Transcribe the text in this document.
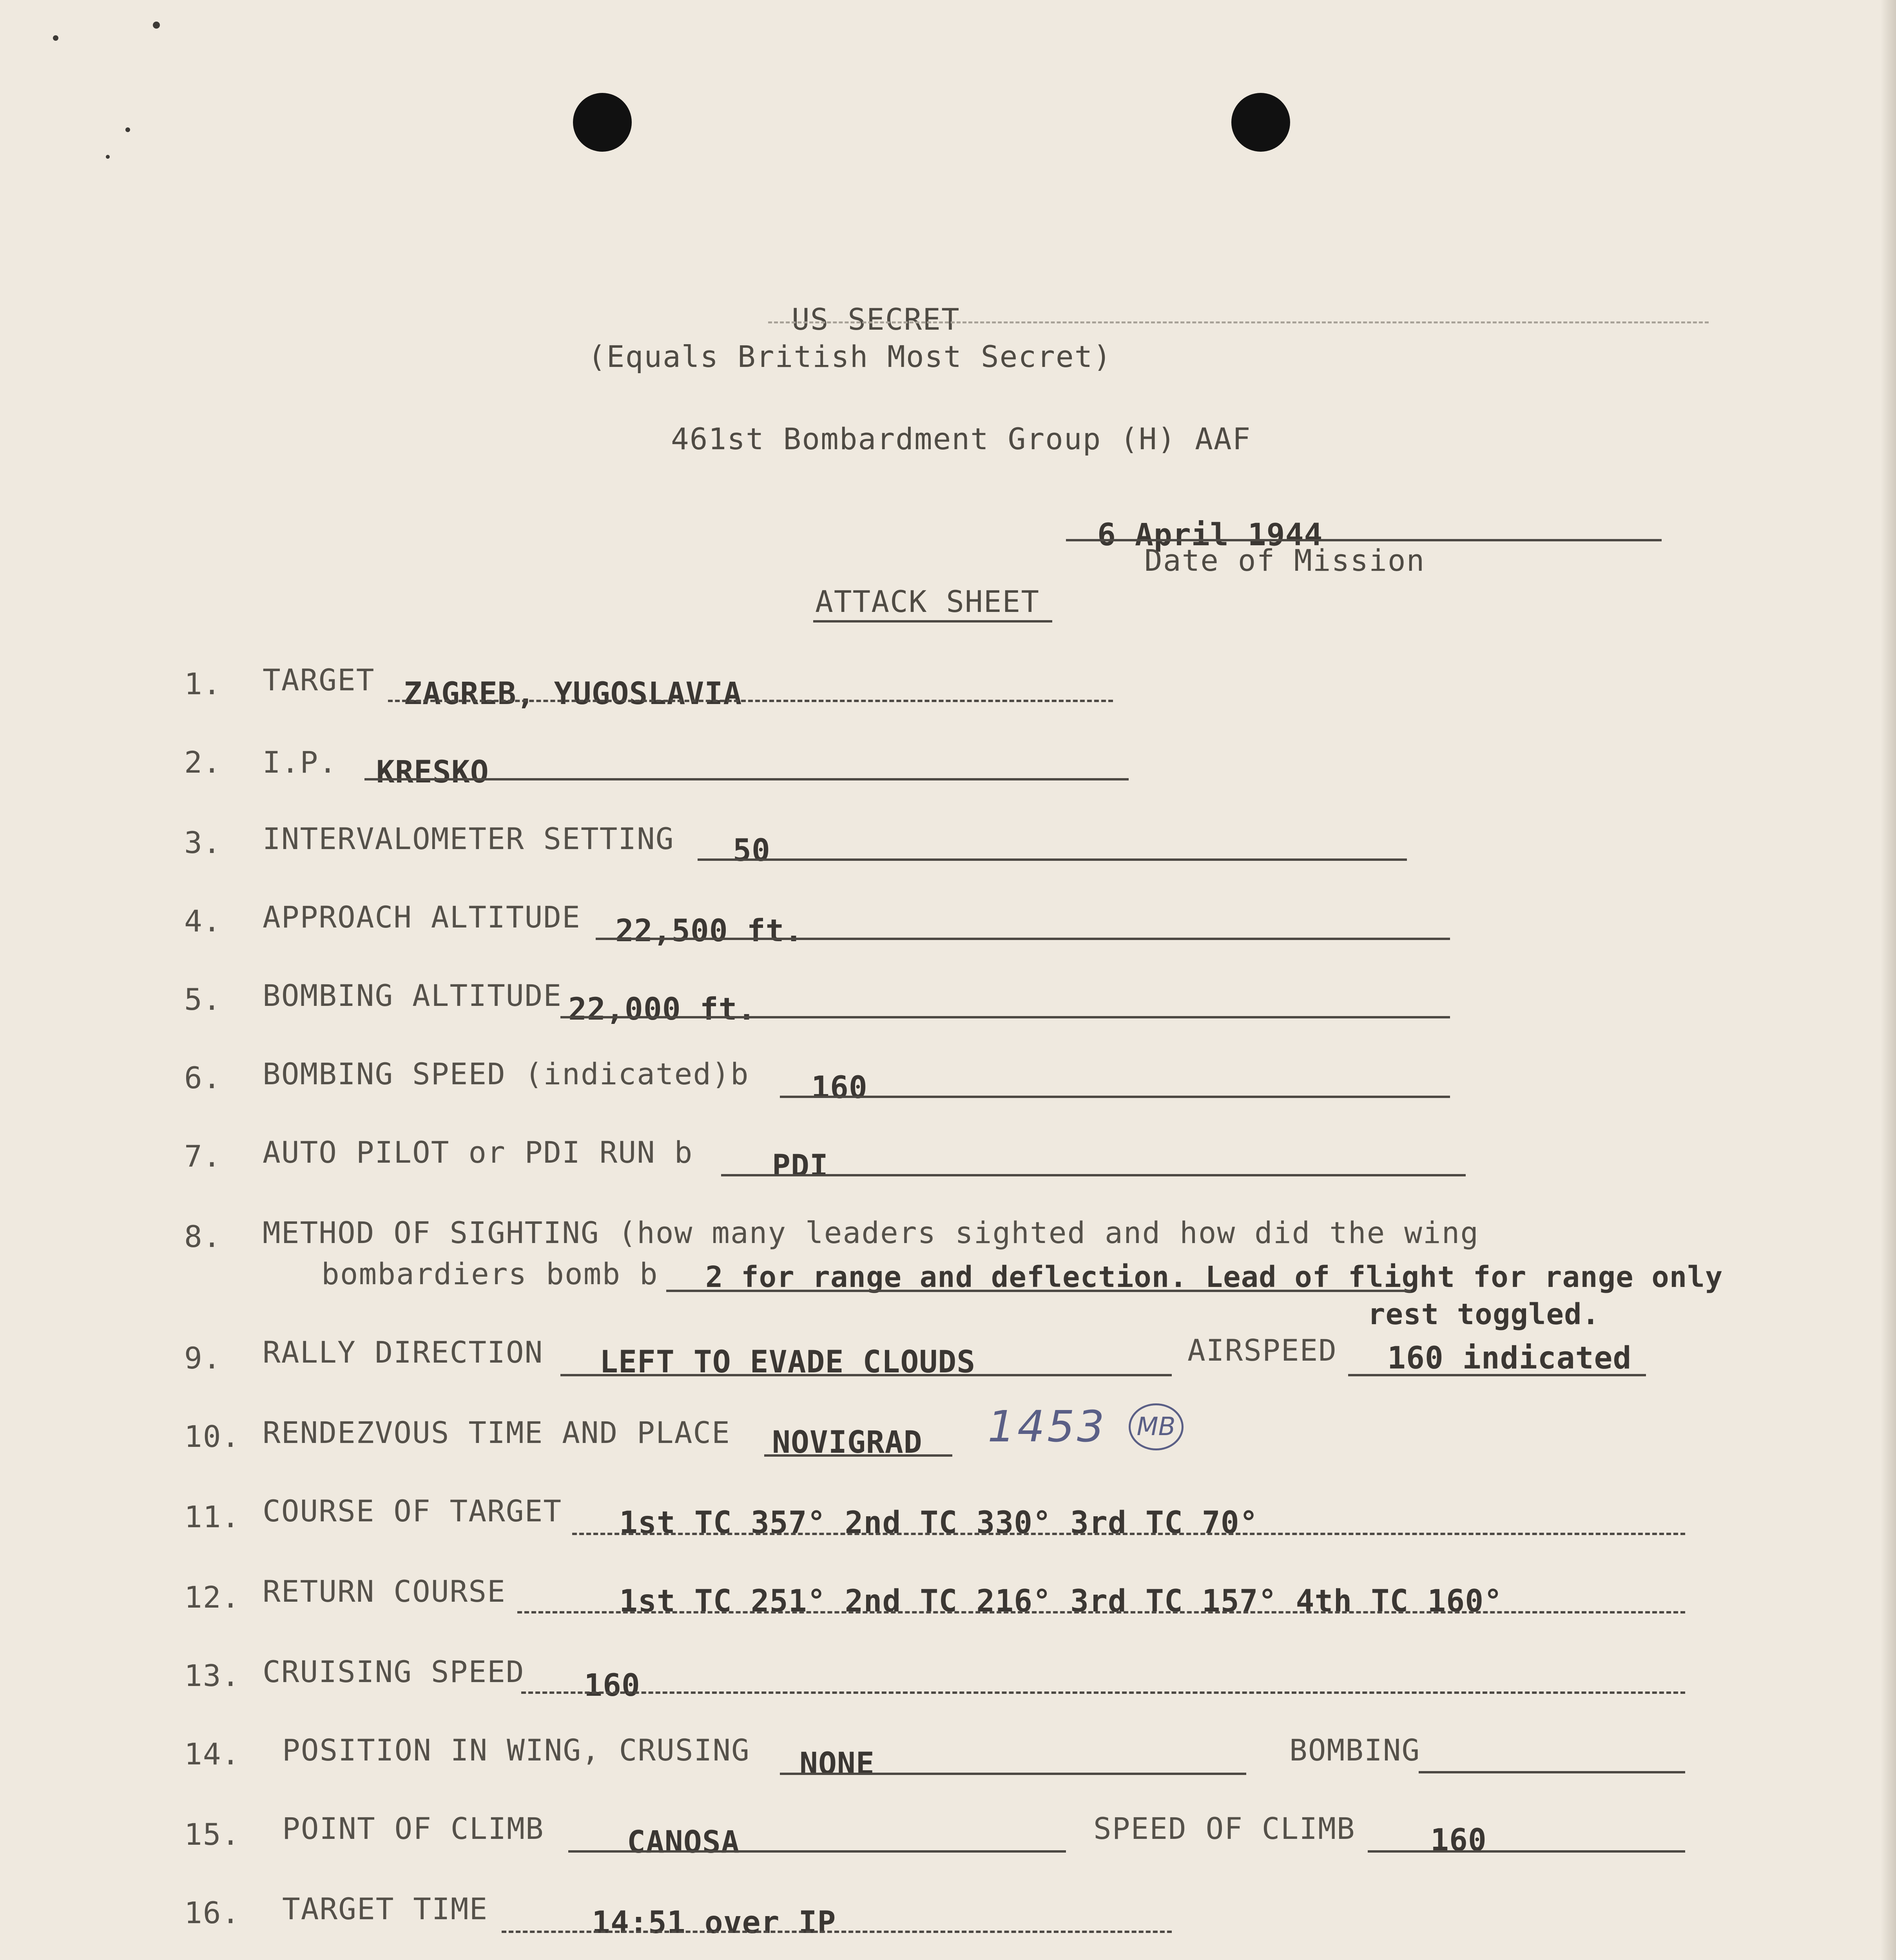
US SECRET
(Equals British Most Secret)
461st Bombardment Group (H) AAF
6 April 1944
Date of Mission
ATTACK SHEET
1. TARGET ZAGREB, YUGOSLAVIA
2. I.P. KRESKO
3. INTERVALOMETER SETTING 50
4. APPROACH ALTITUDE 22,500 ft.
5. BOMBING ALTITUDE 22,000 ft.
6. BOMBING SPEED (indicated)b 160
7. AUTO PILOT or PDI RUN b	PDI
8. METHOD OF SIGHTING (how many leaders sighted and how did the wing
bombardiers bomb b 2 for range and deflection. Lead of flight for range only
rest toggled.
9. RALLY DIRECTION LEFT TO EVADE CLOUDS	AIRSPEED 160 indicated
10. RENDEZVOUS TIME AND PLACE NOVIGRAD 1453	MB
11. COURSE OF TARGET 1st TC 357° 2nd TC 330° 3rd TC 70°
12. RETURN COURSE	1st TC 251° 2nd TC 216° 3rd TC 157° 4th TC 160°
13. CRUISING SPEED 160
14. POSITION IN WING, CRUSING NONE	BOMBING
15. POINT OF CLIMB	CANOSA	SPEED OF CLIMB 160
16. TARGET TIME	14:51 over IP
